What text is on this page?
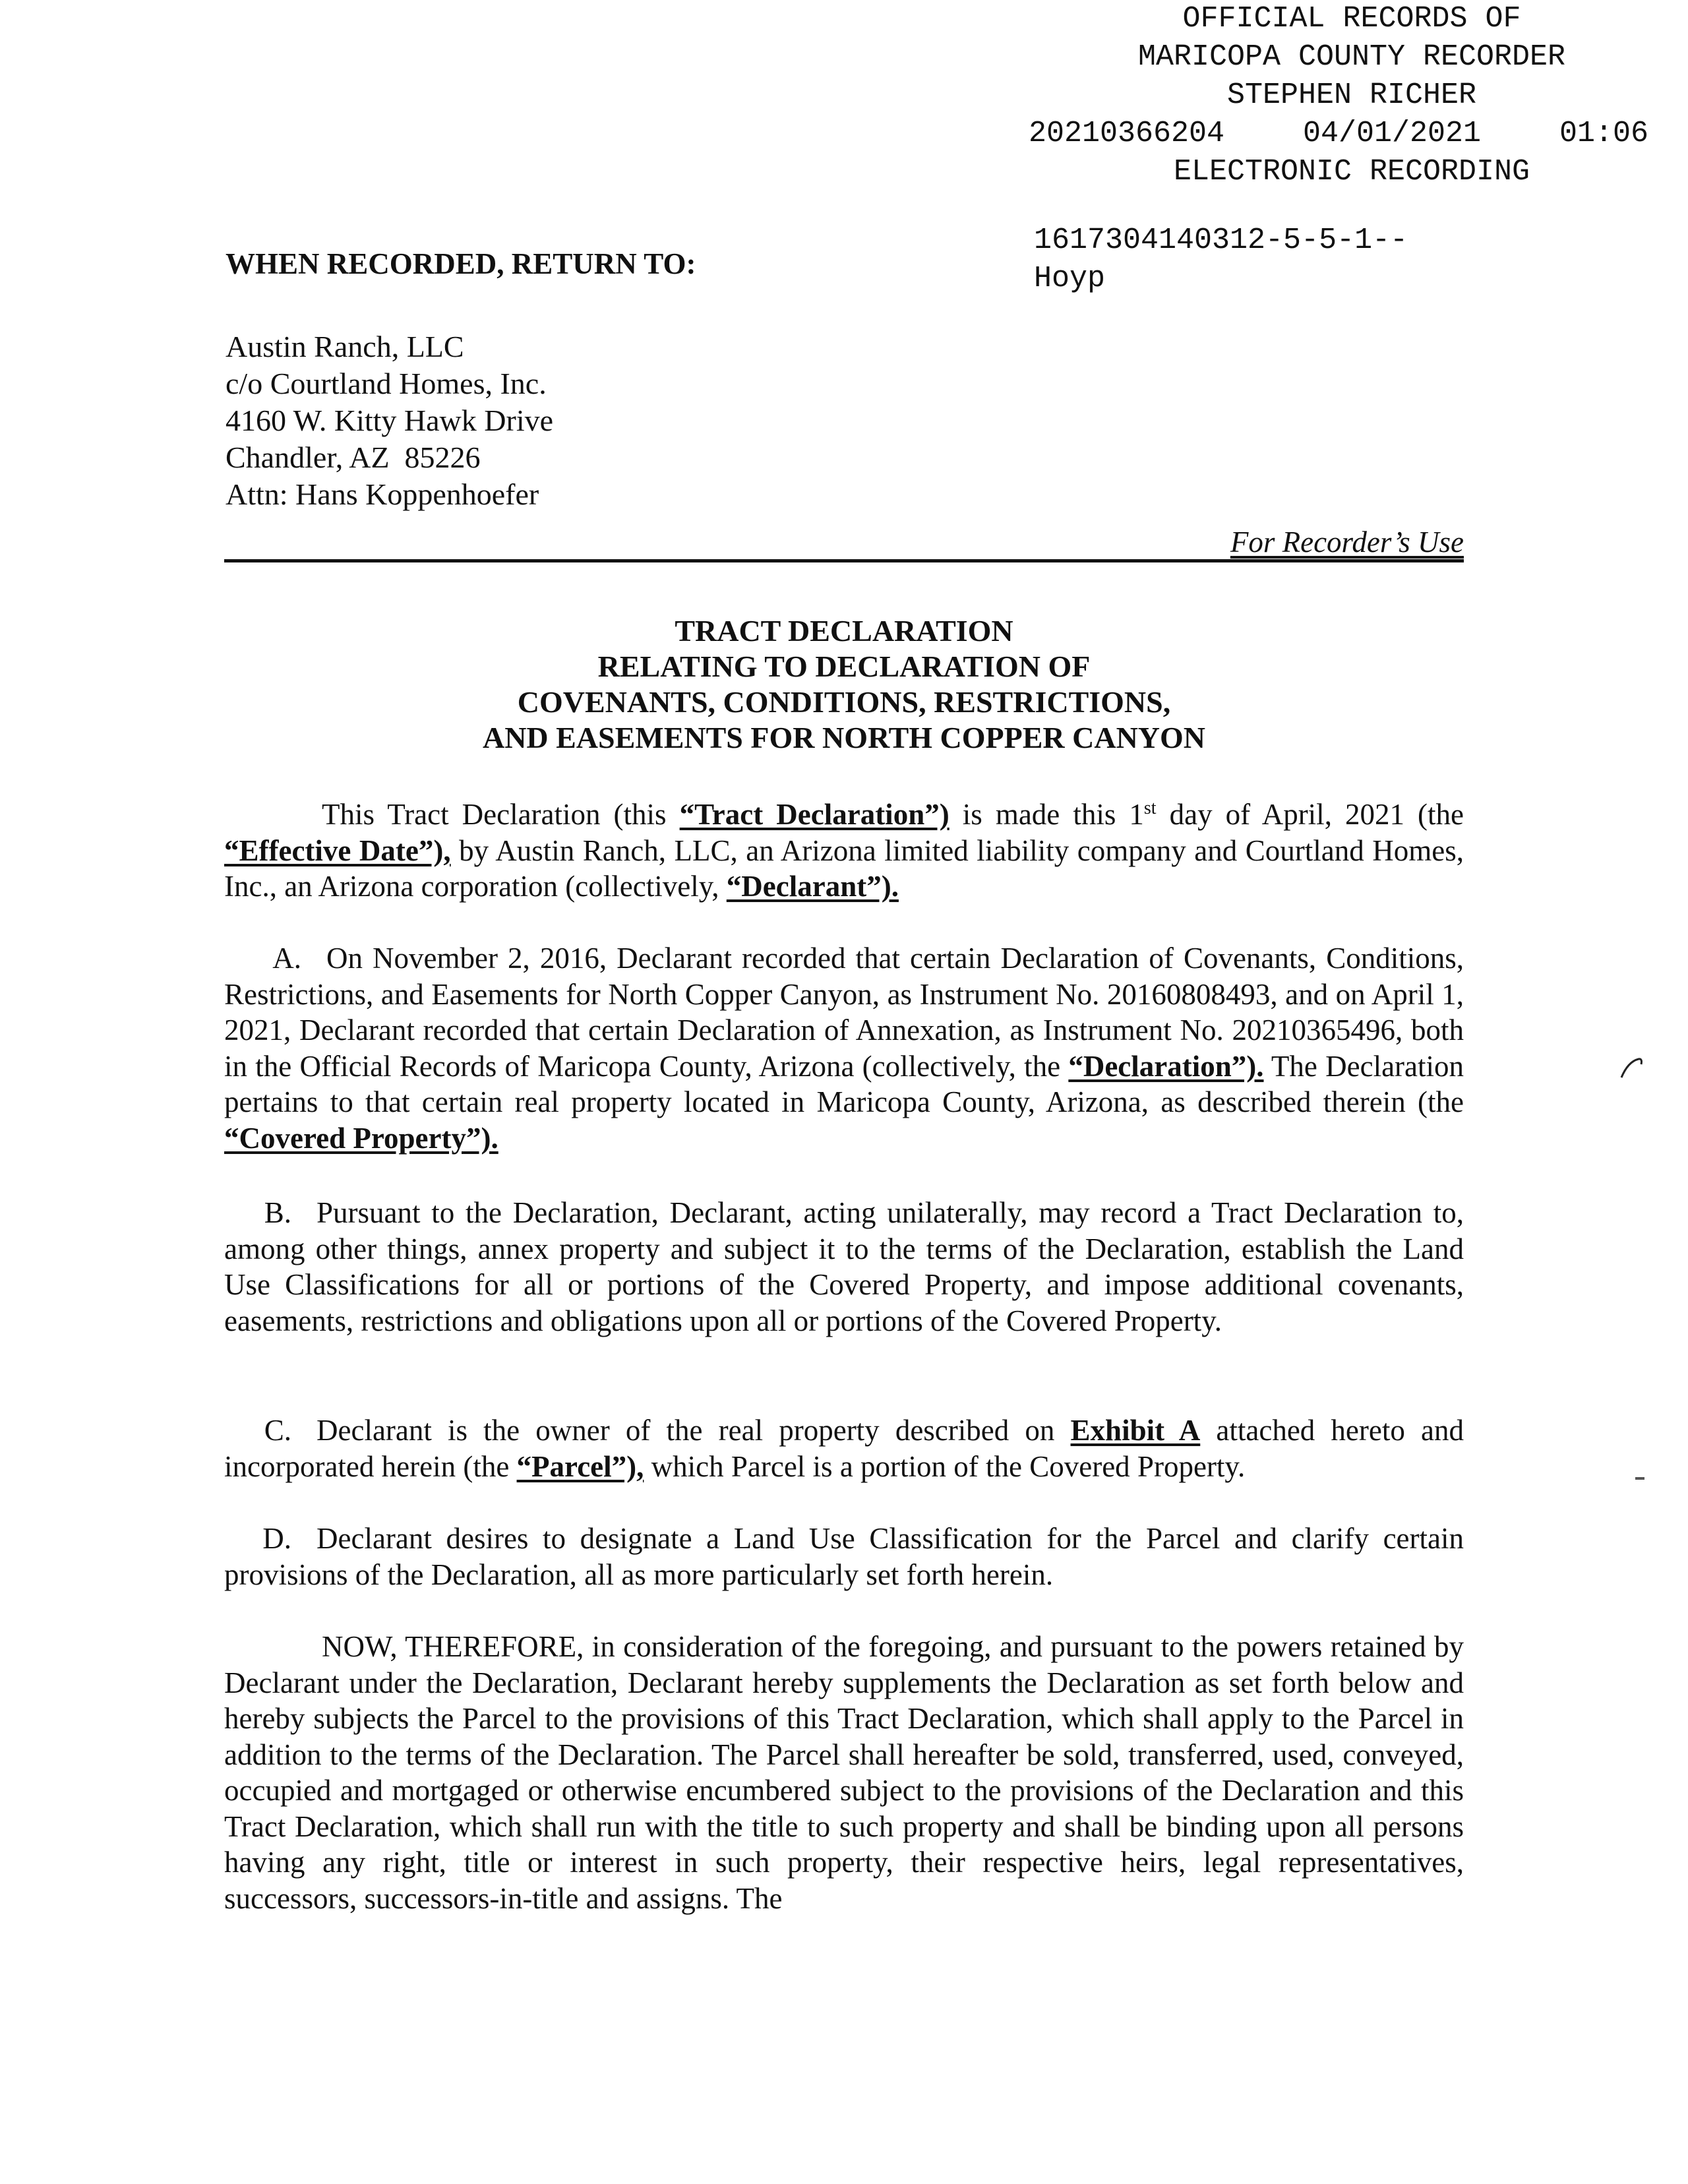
OFFICIAL RECORDS OF
MARICOPA COUNTY RECORDER
STEPHEN RICHER
20210366204	04/01/2021	01:06
ELECTRONIC RECORDING
1617304140312-5-5-1--
Hoyp
WHEN RECORDED, RETURN TO:
Austin Ranch, LLC
c/o Courtland Homes, Inc.
4160 W. Kitty Hawk Drive
Chandler, AZ  85226
Attn: Hans Koppenhoefer
For Recorder’s Use
TRACT DECLARATION
RELATING TO DECLARATION OF
COVENANTS, CONDITIONS, RESTRICTIONS,
AND EASEMENTS FOR NORTH COPPER CANYON
This Tract Declaration (this “Tract Declaration”) is made this 1st day of April, 2021 (the “Effective Date”), by Austin Ranch, LLC, an Arizona limited liability company and Courtland Homes, Inc., an Arizona corporation (collectively, “Declarant”).
A. On November 2, 2016, Declarant recorded that certain Declaration of Covenants, Conditions, Restrictions, and Easements for North Copper Canyon, as Instrument No. 20160808493, and on April 1, 2021, Declarant recorded that certain Declaration of Annexation, as Instrument No. 20210365496, both in the Official Records of Maricopa County, Arizona (collectively, the “Declaration”). The Declaration pertains to that certain real property located in Maricopa County, Arizona, as described therein (the “Covered Property”).
B. Pursuant to the Declaration, Declarant, acting unilaterally, may record a Tract Declaration to, among other things, annex property and subject it to the terms of the Declaration, establish the Land Use Classifications for all or portions of the Covered Property, and impose additional covenants, easements, restrictions and obligations upon all or portions of the Covered Property.
C. Declarant is the owner of the real property described on Exhibit A attached hereto and incorporated herein (the “Parcel”), which Parcel is a portion of the Covered Property.
D. Declarant desires to designate a Land Use Classification for the Parcel and clarify certain provisions of the Declaration, all as more particularly set forth herein.
NOW, THEREFORE, in consideration of the foregoing, and pursuant to the powers retained by Declarant under the Declaration, Declarant hereby supplements the Declaration as set forth below and hereby subjects the Parcel to the provisions of this Tract Declaration, which shall apply to the Parcel in addition to the terms of the Declaration. The Parcel shall hereafter be sold, transferred, used, conveyed, occupied and mortgaged or otherwise encumbered subject to the provisions of the Declaration and this Tract Declaration, which shall run with the title to such property and shall be binding upon all persons having any right, title or interest in such property, their respective heirs, legal representatives, successors, successors-in-title and assigns. The
